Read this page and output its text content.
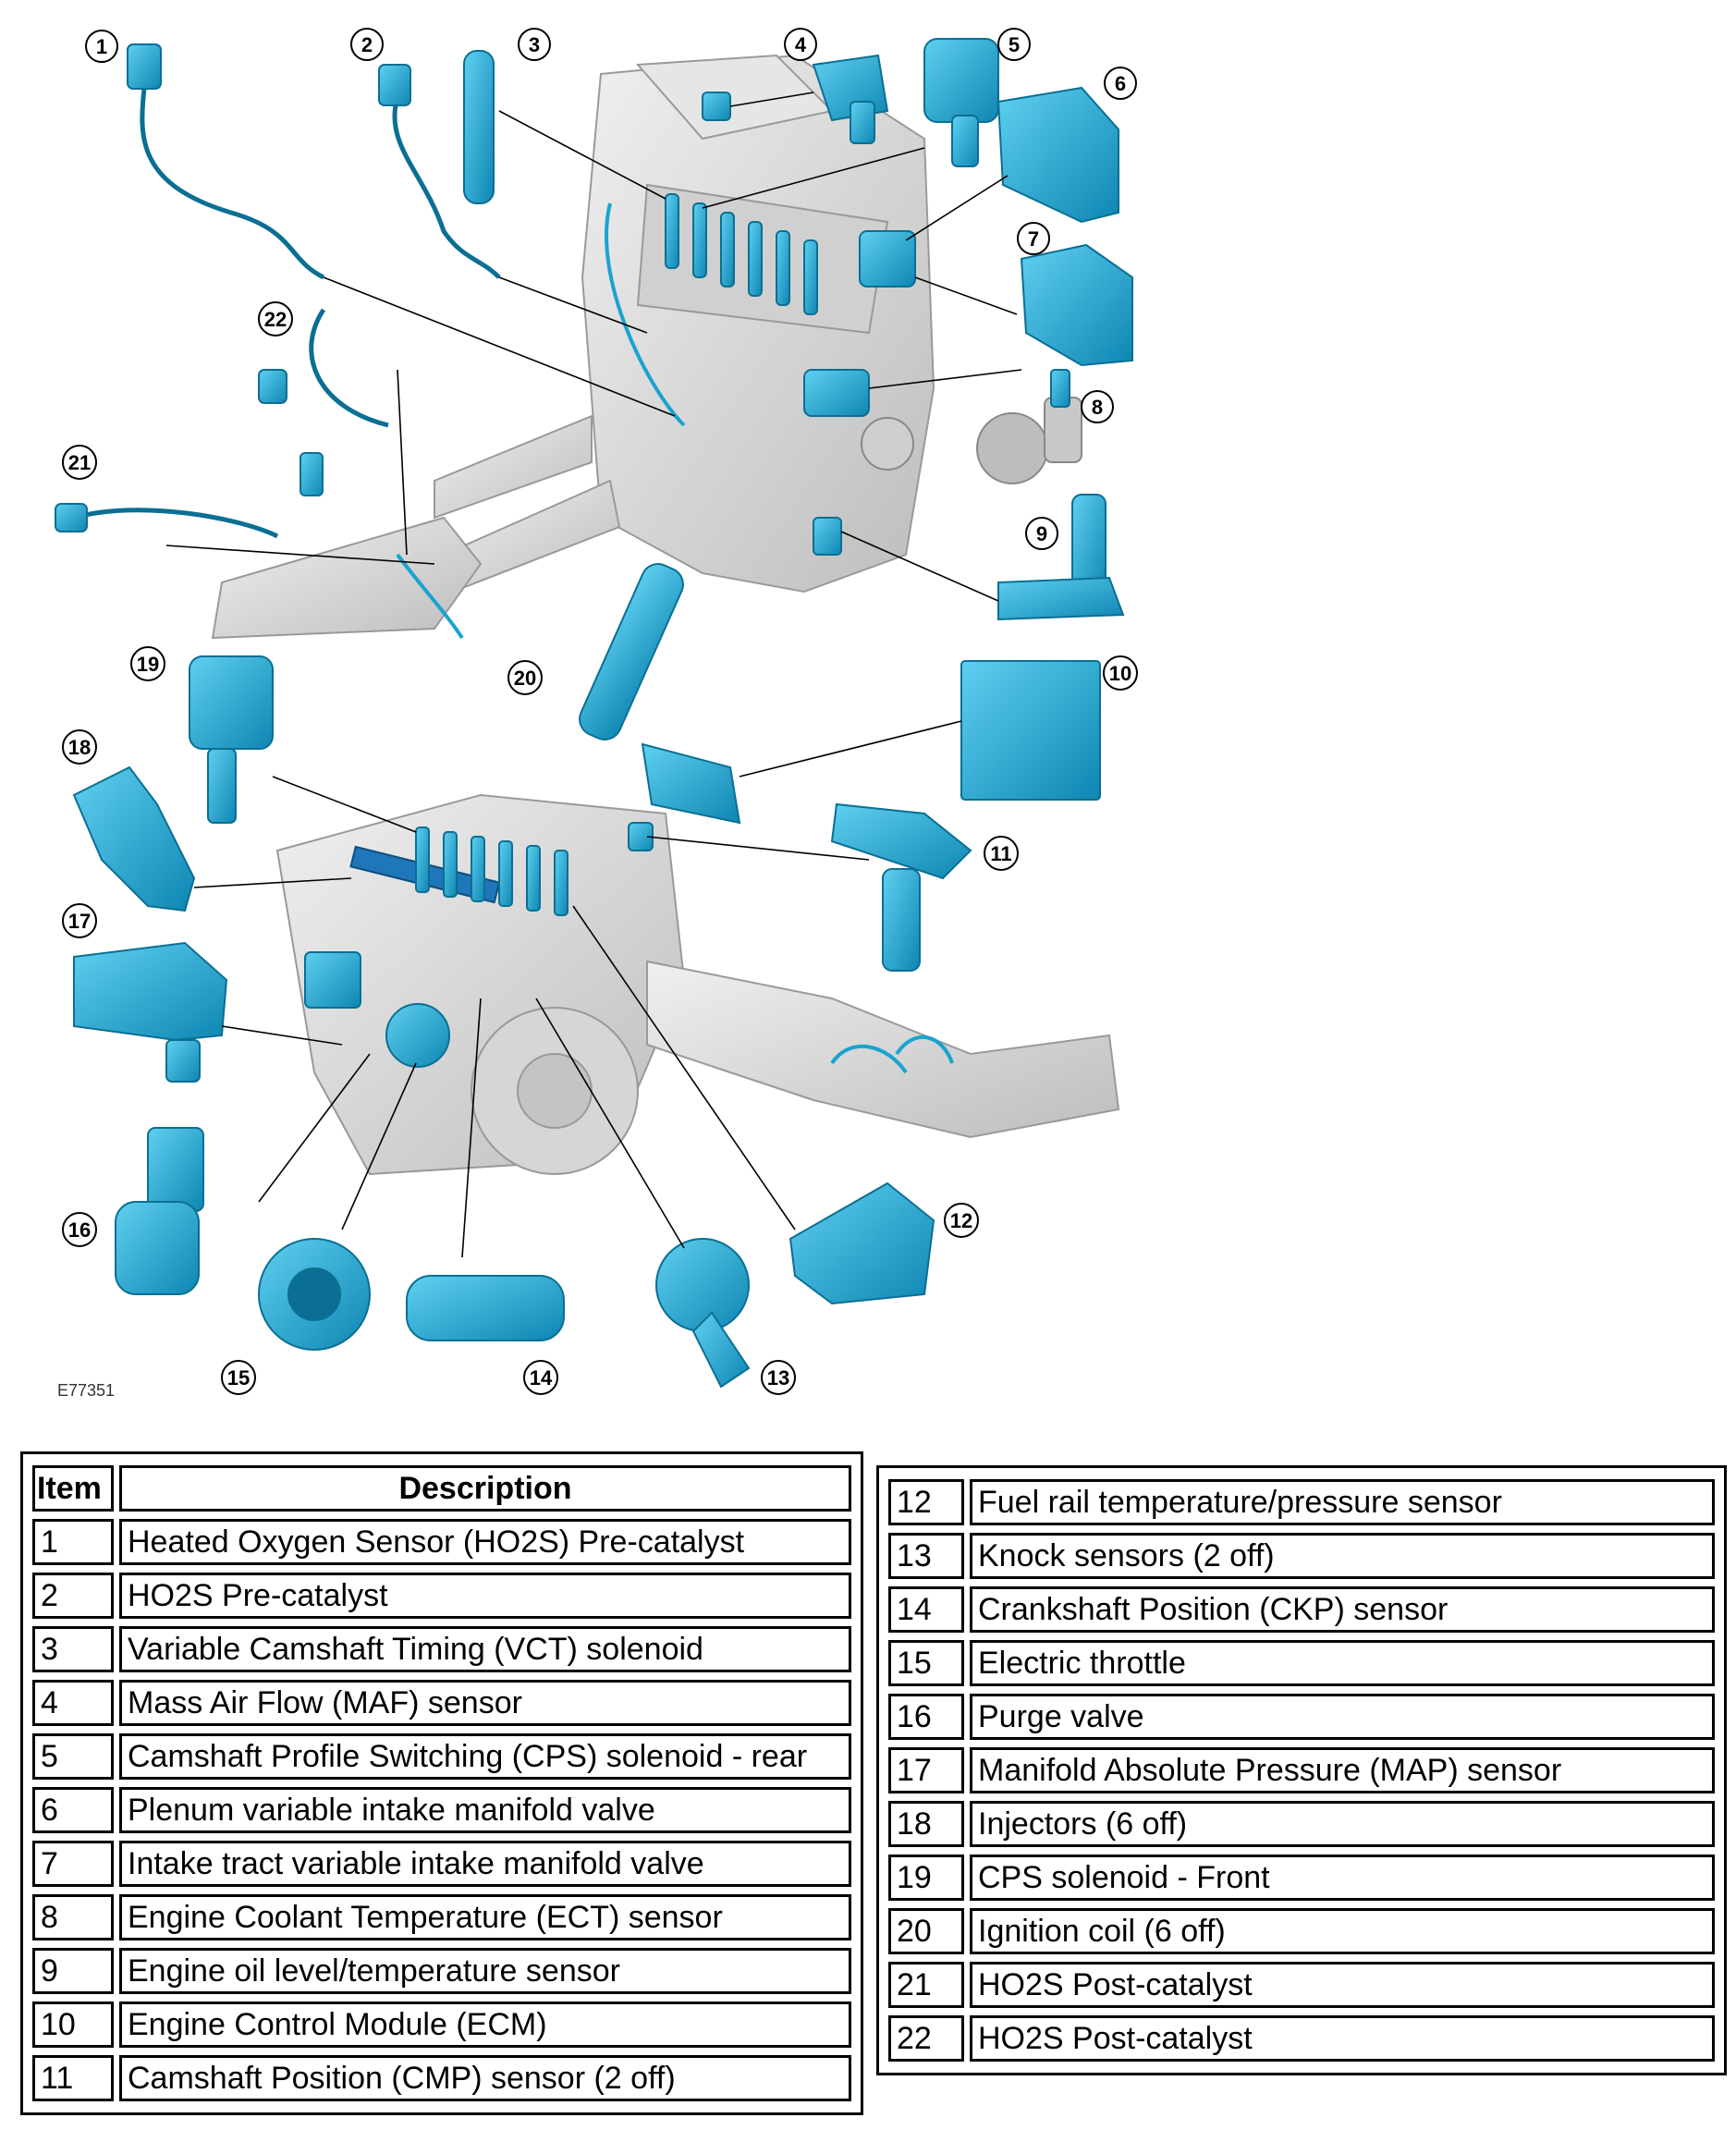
1	2	3	4	5
6
7
8
9
10
11
12
13
14
15
16
17
18
19
20
21
22
E77351
Item	Description
1	Heated Oxygen Sensor (HO2S) Pre-catalyst
2	HO2S Pre-catalyst
3	Variable Camshaft Timing (VCT) solenoid
4	Mass Air Flow (MAF) sensor
5	Camshaft Profile Switching (CPS) solenoid - rear
6	Plenum variable intake manifold valve
7	Intake tract variable intake manifold valve
8	Engine Coolant Temperature (ECT) sensor
9	Engine oil level/temperature sensor
10	Engine Control Module (ECM)
11	Camshaft Position (CMP) sensor (2 off)
12	Fuel rail temperature/pressure sensor
13	Knock sensors (2 off)
14	Crankshaft Position (CKP) sensor
15	Electric throttle
16	Purge valve
17	Manifold Absolute Pressure (MAP) sensor
18	Injectors (6 off)
19	CPS solenoid - Front
20	Ignition coil (6 off)
21	HO2S Post-catalyst
22	HO2S Post-catalyst
